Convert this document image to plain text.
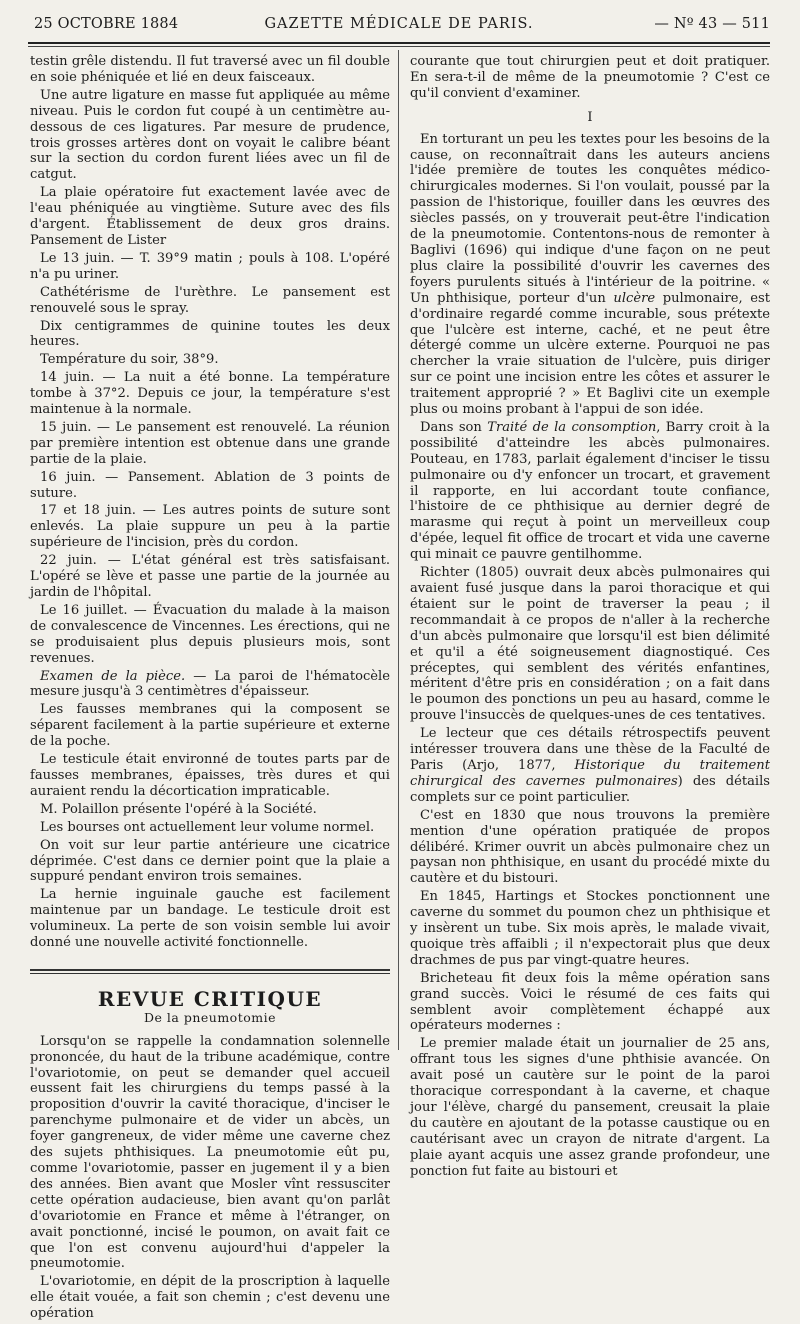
25 OCTOBRE 1884	GAZETTE MÉDICALE DE PARIS.	— Nº 43 — 511

testin grêle distendu. Il fut traversé avec un fil double en soie phéniquée et lié en deux faisceaux.

Une autre ligature en masse fut appliquée au même niveau. Puis le cordon fut coupé à un centimètre au-dessous de ces ligatures. Par mesure de prudence, trois grosses artères dont on voyait le calibre béant sur la section du cordon furent liées avec un fil de catgut.

La plaie opératoire fut exactement lavée avec de l'eau phéniquée au vingtième. Suture avec des fils d'argent. Établissement de deux gros drains. Pansement de Lister

Le 13 juin. — T. 39°9 matin ; pouls à 108. L'opéré n'a pu uriner.

Cathétérisme de l'urèthre. Le pansement est renouvelé sous le spray.

Dix centigrammes de quinine toutes les deux heures.

Température du soir, 38°9.

14 juin. — La nuit a été bonne. La température tombe à 37°2. Depuis ce jour, la température s'est maintenue à la normale.

15 juin. — Le pansement est renouvelé. La réunion par première intention est obtenue dans une grande partie de la plaie.

16 juin. — Pansement. Ablation de 3 points de suture.

17 et 18 juin. — Les autres points de suture sont enlevés. La plaie suppure un peu à la partie supérieure de l'incision, près du cordon.

22 juin. — L'état général est très satisfaisant. L'opéré se lève et passe une partie de la journée au jardin de l'hôpital.

Le 16 juillet. — Évacuation du malade à la maison de convalescence de Vincennes. Les érections, qui ne se produisaient plus depuis plusieurs mois, sont revenues.

Examen de la pièce. — La paroi de l'hématocèle mesure jusqu'à 3 centimètres d'épaisseur.

Les fausses membranes qui la composent se séparent facilement à la partie supérieure et externe de la poche.

Le testicule était environné de toutes parts par de fausses membranes, épaisses, très dures et qui auraient rendu la décortication impraticable.

M. Polaillon présente l'opéré à la Société.

Les bourses ont actuellement leur volume normel.

On voit sur leur partie antérieure une cicatrice déprimée. C'est dans ce dernier point que la plaie a suppuré pendant environ trois semaines.

La hernie inguinale gauche est facilement maintenue par un bandage. Le testicule droit est volumineux. La perte de son voisin semble lui avoir donné une nouvelle activité fonctionnelle.

REVUE CRITIQUE
De la pneumotomie

Lorsqu'on se rappelle la condamnation solennelle prononcée, du haut de la tribune académique, contre l'ovariotomie, on peut se demander quel accueil eussent fait les chirurgiens du temps passé à la proposition d'ouvrir la cavité thoracique, d'inciser le parenchyme pulmonaire et de vider un abcès, un foyer gangreneux, de vider même une caverne chez des sujets phthisiques. La pneumotomie eût pu, comme l'ovariotomie, passer en jugement il y a bien des années. Bien avant que Mosler vînt ressusciter cette opération audacieuse, bien avant qu'on parlât d'ovariotomie en France et même à l'étranger, on avait ponctionné, incisé le poumon, on avait fait ce que l'on est convenu aujourd'hui d'appeler la pneumotomie.

L'ovariotomie, en dépit de la proscription à laquelle elle était vouée, a fait son chemin ; c'est devenu une opération

courante que tout chirurgien peut et doit pratiquer. En sera-t-il de même de la pneumotomie ? C'est ce qu'il convient d'examiner.

I

En torturant un peu les textes pour les besoins de la cause, on reconnaîtrait dans les auteurs anciens l'idée première de toutes les conquêtes médico-chirurgicales modernes. Si l'on voulait, poussé par la passion de l'historique, fouiller dans les œuvres des siècles passés, on y trouverait peut-être l'indication de la pneumotomie. Contentons-nous de remonter à Baglivi (1696) qui indique d'une façon on ne peut plus claire la possibilité d'ouvrir les cavernes des foyers purulents situés à l'intérieur de la poitrine. « Un phthisique, porteur d'un ulcère pulmonaire, est d'ordinaire regardé comme incurable, sous prétexte que l'ulcère est interne, caché, et ne peut être détergé comme un ulcère externe. Pourquoi ne pas chercher la vraie situation de l'ulcère, puis diriger sur ce point une incision entre les côtes et assurer le traitement approprié ? » Et Baglivi cite un exemple plus ou moins probant à l'appui de son idée.

Dans son Traité de la consomption, Barry croit à la possibilité d'atteindre les abcès pulmonaires. Pouteau, en 1783, parlait également d'inciser le tissu pulmonaire ou d'y enfoncer un trocart, et gravement il rapporte, en lui accordant toute confiance, l'histoire de ce phthisique au dernier degré de marasme qui reçut à point un merveilleux coup d'épée, lequel fit office de trocart et vida une caverne qui minait ce pauvre gentilhomme.

Richter (1805) ouvrait deux abcès pulmonaires qui avaient fusé jusque dans la paroi thoracique et qui étaient sur le point de traverser la peau ; il recommandait à ce propos de n'aller à la recherche d'un abcès pulmonaire que lorsqu'il est bien délimité et qu'il a été soigneusement diagnostiqué. Ces préceptes, qui semblent des vérités enfantines, méritent d'être pris en considération ; on a fait dans le poumon des ponctions un peu au hasard, comme le prouve l'insuccès de quelques-unes de ces tentatives.

Le lecteur que ces détails rétrospectifs peuvent intéresser trouvera dans une thèse de la Faculté de Paris (Arjo, 1877, Historique du traitement chirurgical des cavernes pulmonaires) des détails complets sur ce point particulier.

C'est en 1830 que nous trouvons la première mention d'une opération pratiquée de propos délibéré. Krimer ouvrit un abcès pulmonaire chez un paysan non phthisique, en usant du procédé mixte du cautère et du bistouri.

En 1845, Hartings et Stockes ponctionnent une caverne du sommet du poumon chez un phthisique et y insèrent un tube. Six mois après, le malade vivait, quoique très affaibli ; il n'expectorait plus que deux drachmes de pus par vingt-quatre heures.

Bricheteau fit deux fois la même opération sans grand succès. Voici le résumé de ces faits qui semblent avoir complètement échappé aux opérateurs modernes :

Le premier malade était un journalier de 25 ans, offrant tous les signes d'une phthisie avancée. On avait posé un cautère sur le point de la paroi thoracique correspondant à la caverne, et chaque jour l'élève, chargé du pansement, creusait la plaie du cautère en ajoutant de la potasse caustique ou en cautérisant avec un crayon de nitrate d'argent. La plaie ayant acquis une assez grande profondeur, une ponction fut faite au bistouri et
